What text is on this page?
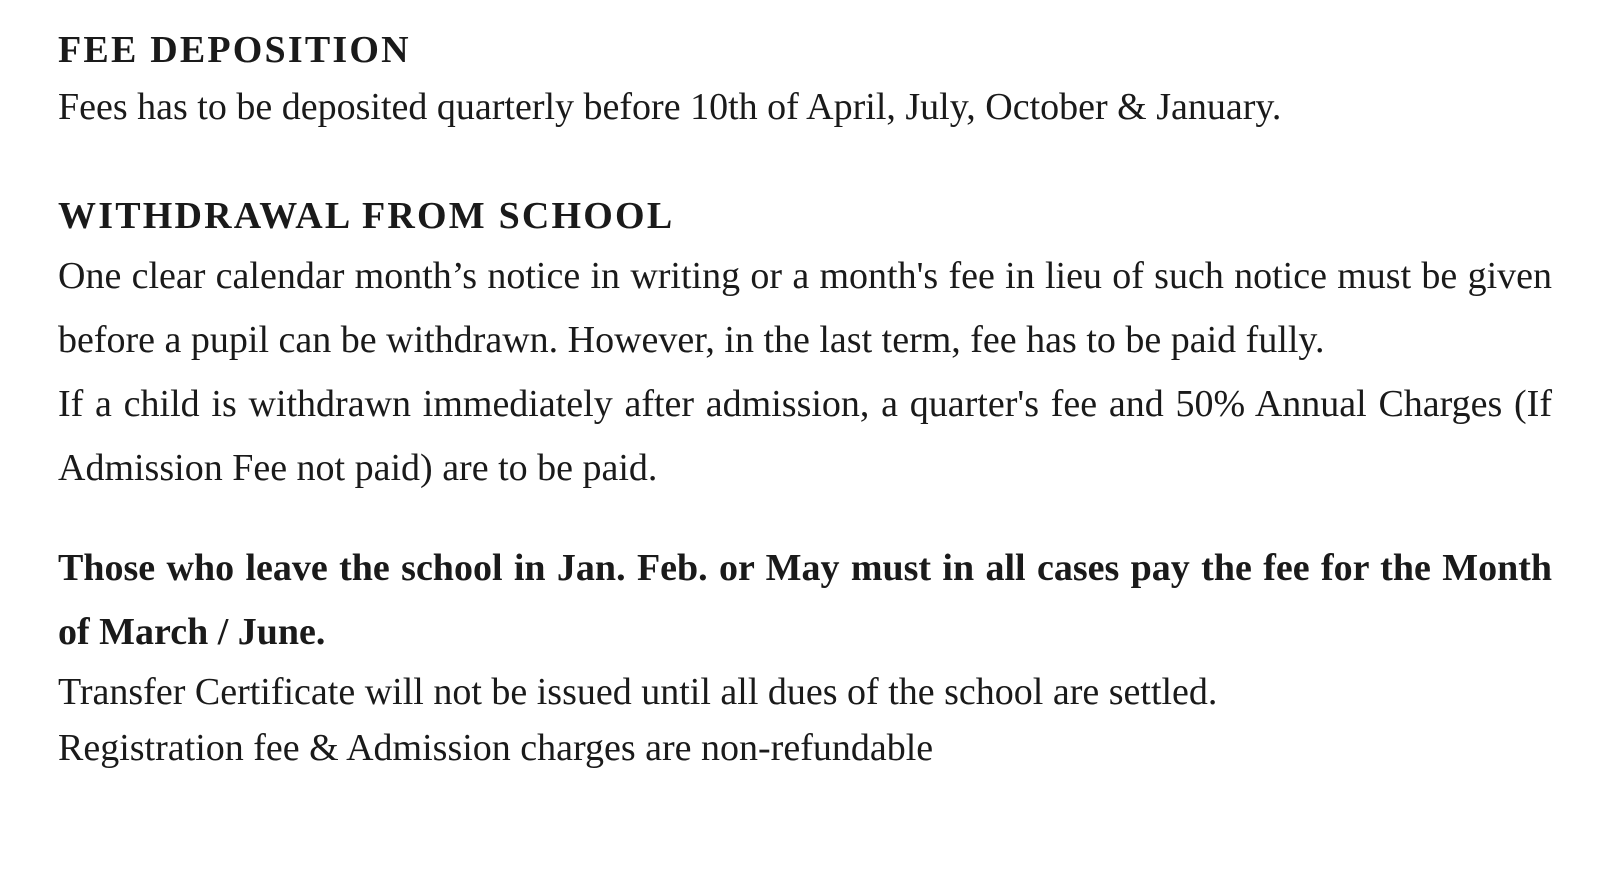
FEE DEPOSITION

Fees has to be deposited quarterly before 10th of April, July, October & January.

WITHDRAWAL FROM SCHOOL

One clear calendar month’s notice in writing or a month's fee in lieu of such notice must be given before a pupil can be withdrawn. However, in the last term, fee has to be paid fully.

If a child is withdrawn immediately after admission, a quarter's fee and 50% Annual Charges (If Admission Fee not paid) are to be paid.

Those who leave the school in Jan. Feb. or May must in all cases pay the fee for the Month of March / June.

Transfer Certificate will not be issued until all dues of the school are settled.

Registration fee & Admission charges are non-refundable
